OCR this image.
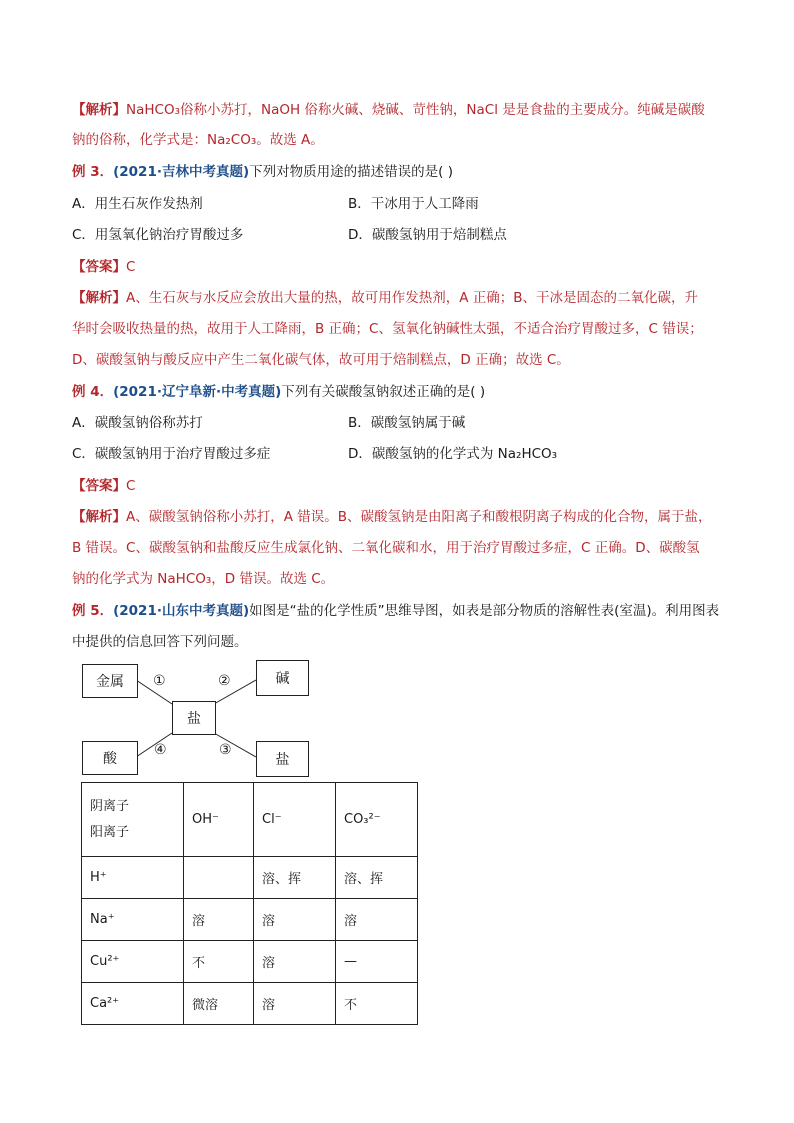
【解析】NaHCO₃俗称小苏打，NaOH 俗称火碱、烧碱、苛性钠，NaCl 是是食盐的主要成分。纯碱是碳酸
钠的俗称，化学式是：Na₂CO₃。故选 A。
例 3．(2021·吉林中考真题)下列对物质用途的描述错误的是( )
A．用生石灰作发热剂	B．干冰用于人工降雨
C．用氢氧化钠治疗胃酸过多	D．碳酸氢钠用于焙制糕点
【答案】C
【解析】A、生石灰与水反应会放出大量的热，故可用作发热剂，A 正确；B、干冰是固态的二氧化碳，升
华时会吸收热量的热，故用于人工降雨，B 正确；C、氢氧化钠碱性太强，不适合治疗胃酸过多，C 错误；
D、碳酸氢钠与酸反应中产生二氧化碳气体，故可用于焙制糕点，D 正确；故选 C。
例 4．(2021·辽宁阜新·中考真题)下列有关碳酸氢钠叙述正确的是( )
A．碳酸氢钠俗称苏打	B．碳酸氢钠属于碱
C．碳酸氢钠用于治疗胃酸过多症	D．碳酸氢钠的化学式为 Na₂HCO₃
【答案】C
【解析】A、碳酸氢钠俗称小苏打，A 错误。B、碳酸氢钠是由阳离子和酸根阴离子构成的化合物，属于盐，
B 错误。C、碳酸氢钠和盐酸反应生成氯化钠、二氧化碳和水，用于治疗胃酸过多症，C 正确。D、碳酸氢
钠的化学式为 NaHCO₃，D 错误。故选 C。
例 5．(2021·山东中考真题)如图是“盐的化学性质”思维导图，如表是部分物质的溶解性表(室温)。利用图表
中提供的信息回答下列问题。
金属	碱
盐
酸	盐
①	②
④	③
阴离子
阳离子	OH⁻	Cl⁻	CO₃²⁻
H⁺		溶、挥	溶、挥
Na⁺	溶	溶	溶
Cu²⁺	不	溶	—
Ca²⁺	微溶	溶	不
